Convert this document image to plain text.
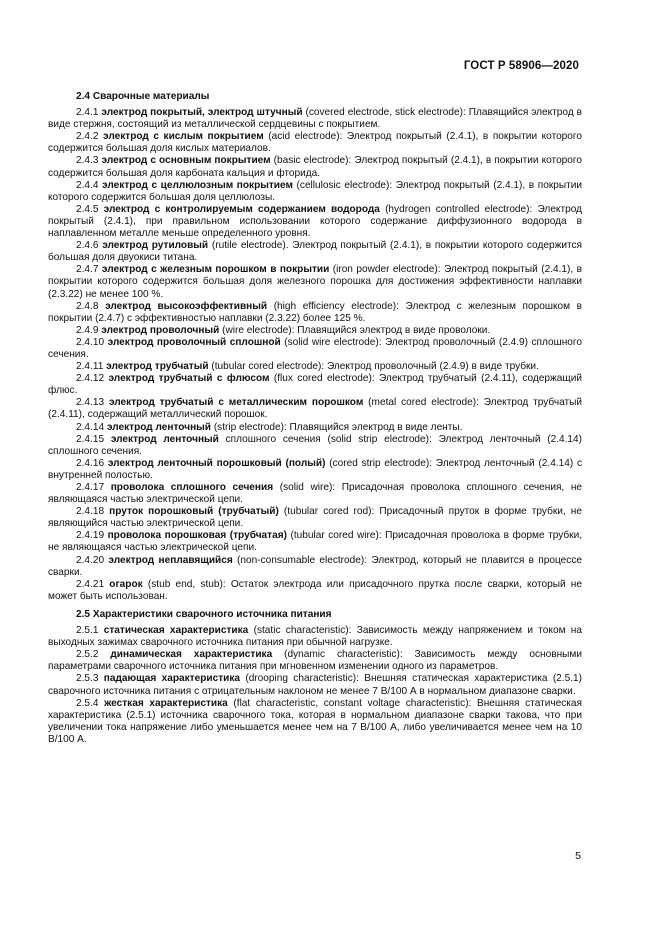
ГОСТ Р 58906—2020
2.4 Сварочные материалы
2.4.1 электрод покрытый, электрод штучный (covered electrode, stick electrode): Плавящийся электрод в виде стержня, состоящий из металлической сердцевины с покрытием.
2.4.2 электрод с кислым покрытием (acid electrode): Электрод покрытый (2.4.1), в покрытии которого содержится большая доля кислых материалов.
2.4.3 электрод с основным покрытием (basic electrode): Электрод покрытый (2.4.1), в покрытии которого содержится большая доля карбоната кальция и фторида.
2.4.4 электрод с целлюлозным покрытием (cellulosic electrode): Электрод покрытый (2.4.1), в покрытии которого содержится большая доля целлюлозы.
2.4.5 электрод с контролируемым содержанием водорода (hydrogen controlled electrode): Электрод покрытый (2.4.1), при правильном использовании которого содержание диффузионного водорода в наплавленном металле меньше определенного уровня.
2.4.6 электрод рутиловый (rutile electrode). Электрод покрытый (2.4.1), в покрытии которого содержится большая доля двуокиси титана.
2.4.7 электрод с железным порошком в покрытии (iron powder electrode): Электрод покрытый (2.4.1), в покрытии которого содержится большая доля железного порошка для достижения эффективности наплавки (2.3.22) не менее 100 %.
2.4.8 электрод высокоэффективный (high efficiency electrode): Электрод с железным порошком в покрытии (2.4.7) с эффективностью наплавки (2.3.22) более 125 %.
2.4.9 электрод проволочный (wire electrode): Плавящийся электрод в виде проволоки.
2.4.10 электрод проволочный сплошной (solid wire electrode): Электрод проволочный (2.4.9) сплошного сечения.
2.4.11 электрод трубчатый (tubular cored electrode): Электрод проволочный (2.4.9) в виде трубки.
2.4.12 электрод трубчатый с флюсом (flux cored electrode): Электрод трубчатый (2.4.11), содержащий флюс.
2.4.13 электрод трубчатый с металлическим порошком (metal cored electrode): Электрод трубчатый (2.4.11), содержащий металлический порошок.
2.4.14 электрод ленточный (strip electrode): Плавящийся электрод в виде ленты.
2.4.15 электрод ленточный сплошного сечения (solid strip electrode): Электрод ленточный (2.4.14) сплошного сечения.
2.4.16 электрод ленточный порошковый (полый) (cored strip electrode): Электрод ленточный (2.4.14) с внутренней полостью.
2.4.17 проволока сплошного сечения (solid wire): Присадочная проволока сплошного сечения, не являющаяся частью электрической цепи.
2.4.18 пруток порошковый (трубчатый) (tubular cored rod): Присадочный пруток в форме трубки, не являющийся частью электрической цепи.
2.4.19 проволока порошковая (трубчатая) (tubular cored wire): Присадочная проволока в форме трубки, не являющаяся частью электрической цепи.
2.4.20 электрод неплавящийся (non-consumable electrode): Электрод, который не плавится в процессе сварки.
2.4.21 огарок (stub end, stub): Остаток электрода или присадочного прутка после сварки, который не может быть использован.
2.5 Характеристики сварочного источника питания
2.5.1 статическая характеристика (static characteristic): Зависимость между напряжением и током на выходных зажимах сварочного источника питания при обычной нагрузке.
2.5.2 динамическая характеристика (dynamic characteristic): Зависимость между основными параметрами сварочного источника питания при мгновенном изменении одного из параметров.
2.5.3 падающая характеристика (drooping characteristic): Внешняя статическая характеристика (2.5.1) сварочного источника питания с отрицательным наклоном не менее 7 В/100 А в нормальном диапазоне сварки.
2.5.4 жесткая характеристика (flat characteristic, constant voltage characteristic): Внешняя статическая характеристика (2.5.1) источника сварочного тока, которая в нормальном диапазоне сварки такова, что при увеличении тока напряжение либо уменьшается менее чем на 7 В/100 А, либо увеличивается менее чем на 10 В/100 А.
5
